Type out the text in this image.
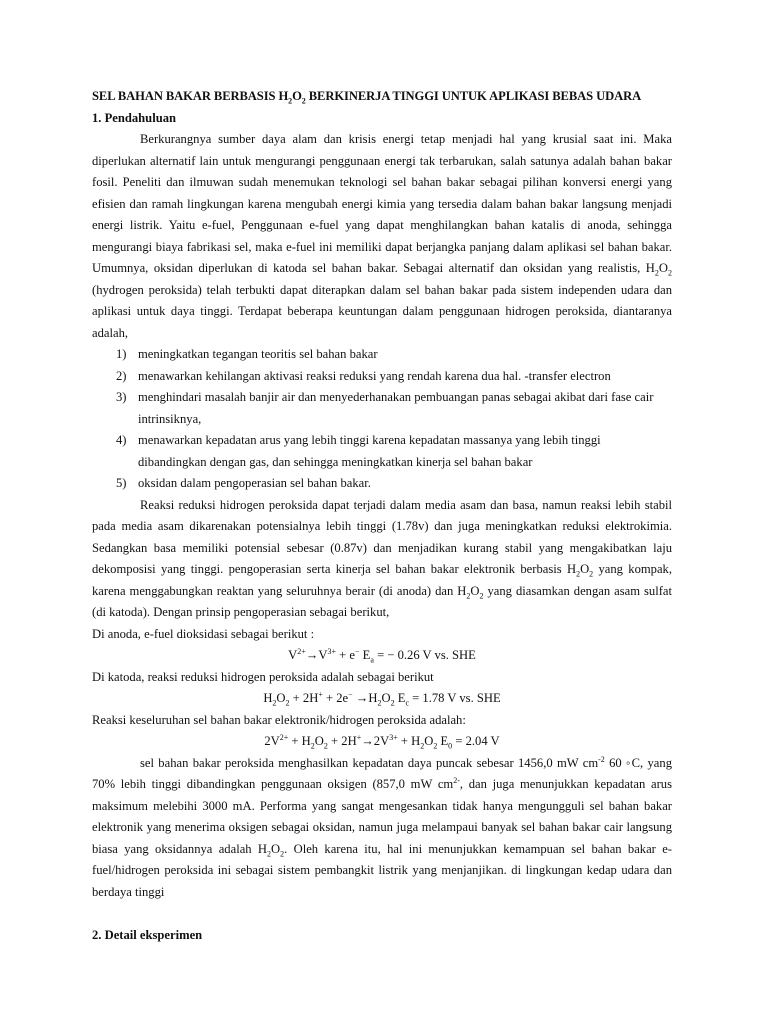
SEL BAHAN BAKAR BERBASIS $H_2O_2$ BERKINERJA TINGGI UNTUK APLIKASI BEBAS UDARA

1. Pendahuluan

Berkurangnya sumber daya alam dan krisis energi tetap menjadi hal yang krusial saat ini. Maka diperlukan alternatif lain untuk mengurangi penggunaan energi tak terbarukan, salah satunya adalah bahan bakar fosil. Peneliti dan ilmuwan sudah menemukan teknologi sel bahan bakar sebagai pilihan konversi energi yang efisien dan ramah lingkungan karena mengubah energi kimia yang tersedia dalam bahan bakar langsung menjadi energi listrik. Yaitu e-fuel, Penggunaan e-fuel yang dapat menghilangkan bahan katalis di anoda, sehingga mengurangi biaya fabrikasi sel, maka e-fuel ini memiliki dapat berjangka panjang dalam aplikasi sel bahan bakar. Umumnya, oksidan diperlukan di katoda sel bahan bakar. Sebagai alternatif dan oksidan yang realistis, $H_2O_2$ (hydrogen peroksida) telah terbukti dapat diterapkan dalam sel bahan bakar pada sistem independen udara dan aplikasi untuk daya tinggi. Terdapat beberapa keuntungan dalam penggunaan hidrogen peroksida, diantaranya adalah,

1) meningkatkan tegangan teoritis sel bahan bakar
2) menawarkan kehilangan aktivasi reaksi reduksi yang rendah karena dua hal. -transfer electron
3) menghindari masalah banjir air dan menyederhanakan pembuangan panas sebagai akibat dari fase cair intrinsiknya,
4) menawarkan kepadatan arus yang lebih tinggi karena kepadatan massanya yang lebih tinggi dibandingkan dengan gas, dan sehingga meningkatkan kinerja sel bahan bakar
5) oksidan dalam pengoperasian sel bahan bakar.

Reaksi reduksi hidrogen peroksida dapat terjadi dalam media asam dan basa, namun reaksi lebih stabil pada media asam dikarenakan potensialnya lebih tinggi (1.78v) dan juga meningkatkan reduksi elektrokimia. Sedangkan basa memiliki potensial sebesar (0.87v) dan menjadikan kurang stabil yang mengakibatkan laju dekomposisi yang tinggi. pengoperasian serta kinerja sel bahan bakar elektronik berbasis $H_2O_2$ yang kompak, karena menggabungkan reaktan yang seluruhnya berair (di anoda) dan $H_2O_2$ yang diasamkan dengan asam sulfat (di katoda). Dengan prinsip pengoperasian sebagai berikut,

Di anoda, e-fuel dioksidasi sebagai berikut :

$V^{2+}\to V^{3+} + e^-$ $E_a$ = − 0.26 V vs. SHE

Di katoda, reaksi reduksi hidrogen peroksida adalah sebagai berikut

$H_2O_2 + 2H^+ + 2e^- \to H_2O_2$ $E_c = 1.78$ V vs. SHE

Reaksi keseluruhan sel bahan bakar elektronik/hidrogen peroksida adalah:

$2V^{2+} + H_2O_2 + 2H^+\to 2V^{3+} + H_2O_2$ $E_0 = 2.04$ V

sel bahan bakar peroksida menghasilkan kepadatan daya puncak sebesar 1456,0 mW $cm^{-2}$ 60 ◦C, yang 70% lebih tinggi dibandingkan penggunaan oksigen (857,0 mW $cm^{2-}$, dan juga menunjukkan kepadatan arus maksimum melebihi 3000 mA. Performa yang sangat mengesankan tidak hanya mengungguli sel bahan bakar elektronik yang menerima oksigen sebagai oksidan, namun juga melampaui banyak sel bahan bakar cair langsung biasa yang oksidannya adalah $H_2O_2$. Oleh karena itu, hal ini menunjukkan kemampuan sel bahan bakar e-fuel/hidrogen peroksida ini sebagai sistem pembangkit listrik yang menjanjikan. di lingkungan kedap udara dan berdaya tinggi

2. Detail eksperimen
